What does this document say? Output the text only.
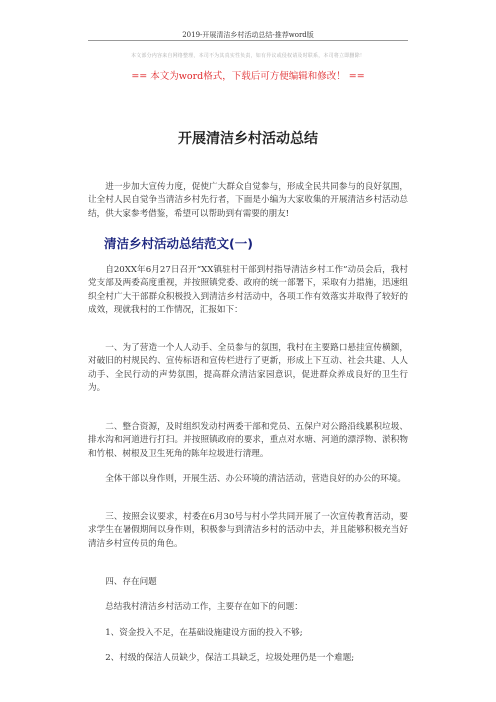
2019-开展清洁乡村活动总结-推荐word版
本文部分内容来自网络整理，本司不为其真实性负责，如有异议或侵权请及时联系，本司将立即删除！
== 本文为word格式，下载后可方便编辑和修改！ ==
开展清洁乡村活动总结

进一步加大宣传力度，促使广大群众自觉参与，形成全民共同参与的良好氛围，让全村人民自觉争当清洁乡村先行者，下面是小编为大家收集的开展清洁乡村活动总结，供大家参考借鉴，希望可以帮助到有需要的朋友!

清洁乡村活动总结范文(一)

自20XX年6月27日召开“XX镇驻村干部到村指导清洁乡村工作”动员会后，我村党支部及两委高度重视，并按照镇党委、政府的统一部署下，采取有力措施，迅速组织全村广大干部群众积极投入到清洁乡村活动中，各项工作有效落实并取得了较好的成效，现就我村的工作情况，汇报如下：

一、为了营造一个人人动手、全员参与的氛围，我村在主要路口悬挂宣传横额，对破旧的村规民约、宣传标语和宣传栏进行了更新，形成上下互动、社会共建、人人动手、全民行动的声势氛围，提高群众清洁家园意识，促进群众养成良好的卫生行为。

二、整合资源，及时组织发动村两委干部和党员、五保户对公路沿线累积垃圾、排水沟和河道进行打扫。并按照镇政府的要求，重点对水塘、河道的漂浮物、淤积物和竹根、树根及卫生死角的陈年垃圾进行清理。

全体干部以身作则，开展生活、办公环境的清洁活动，营造良好的办公的环境。

三、按照会议要求，村委在6月30号与村小学共同开展了一次宣传教育活动，要求学生在暑假期间以身作则，积极参与到清洁乡村的活动中去，并且能够积极充当好清洁乡村宣传员的角色。

四、存在问题

总结我村清洁乡村活动工作，主要存在如下的问题：

1、资金投入不足，在基础设施建设方面的投入不够;

2、村级的保洁人员缺少，保洁工具缺乏，垃圾处理仍是一个难题;
